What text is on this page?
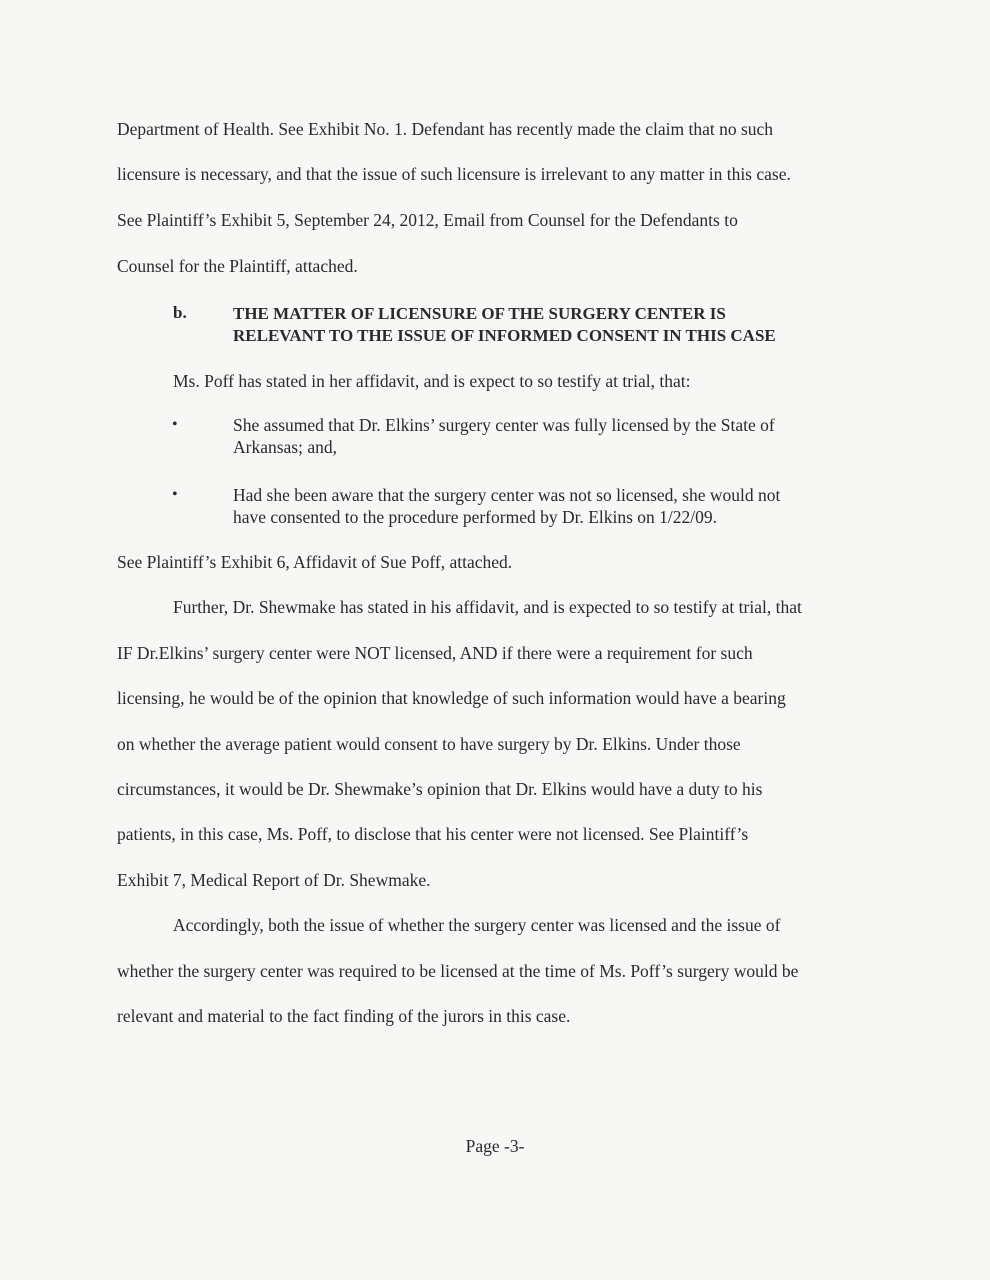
Department of Health. See Exhibit No. 1. Defendant has recently made the claim that no such
licensure is necessary, and that the issue of such licensure is irrelevant to any matter in this case.
See Plaintiff’s Exhibit 5, September 24, 2012, Email from Counsel for the Defendants to
Counsel for the Plaintiff, attached.
b.	THE MATTER OF LICENSURE OF THE SURGERY CENTER IS
RELEVANT TO THE ISSUE OF INFORMED CONSENT IN THIS CASE
Ms. Poff has stated in her affidavit, and is expect to so testify at trial, that:
•	She assumed that Dr. Elkins’ surgery center was fully licensed by the State of
Arkansas; and,
•	Had she been aware that the surgery center was not so licensed, she would not
have consented to the procedure performed by Dr. Elkins on 1/22/09.
See Plaintiff’s Exhibit 6, Affidavit of Sue Poff, attached.
Further, Dr. Shewmake has stated in his affidavit, and is expected to so testify at trial, that
IF Dr.Elkins’ surgery center were NOT licensed, AND if there were a requirement for such
licensing, he would be of the opinion that knowledge of such information would have a bearing
on whether the average patient would consent to have surgery by Dr. Elkins. Under those
circumstances, it would be Dr. Shewmake’s opinion that Dr. Elkins would have a duty to his
patients, in this case, Ms. Poff, to disclose that his center were not licensed. See Plaintiff’s
Exhibit 7, Medical Report of Dr. Shewmake.
Accordingly, both the issue of whether the surgery center was licensed and the issue of
whether the surgery center was required to be licensed at the time of Ms. Poff’s surgery would be
relevant and material to the fact finding of the jurors in this case.
Page -3-
